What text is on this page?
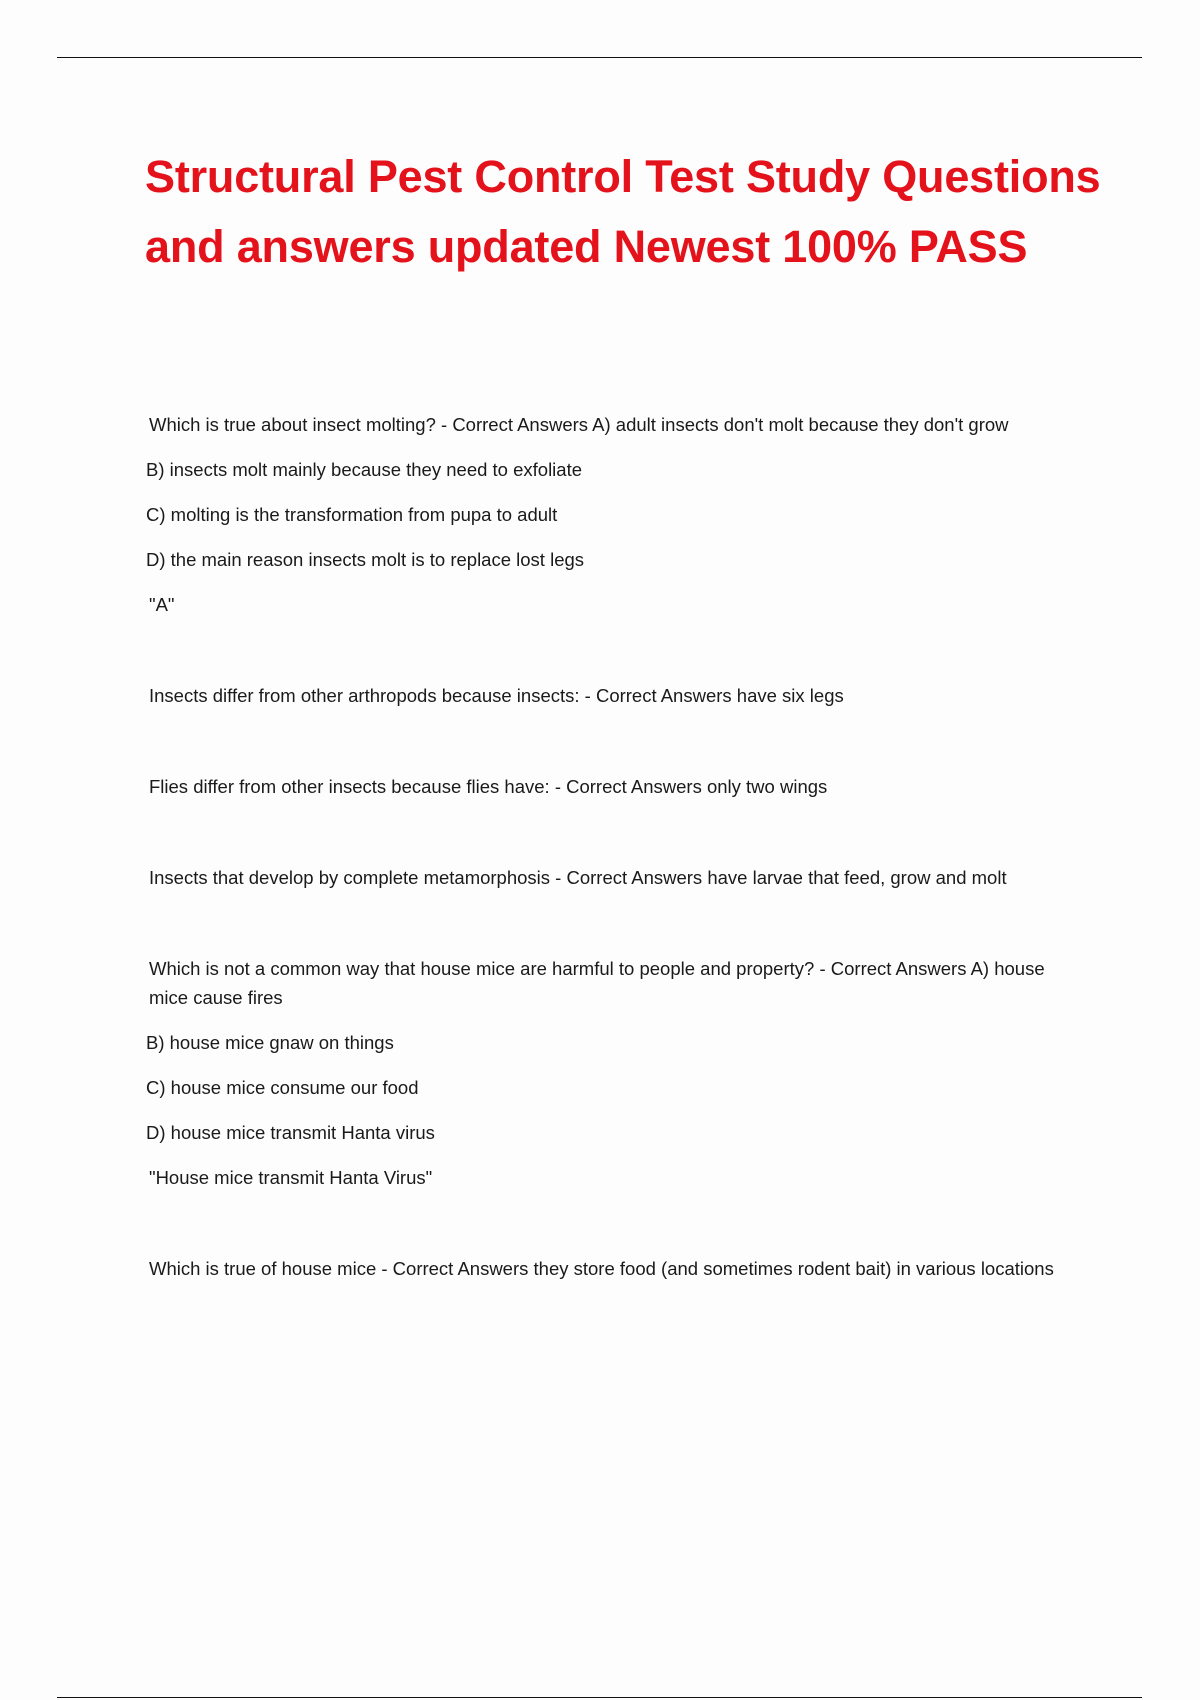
Structural Pest Control Test Study Questions and answers updated Newest 100% PASS

Which is true about insect molting? - Correct Answers A) adult insects don't molt because they don't grow

B) insects molt mainly because they need to exfoliate

C) molting is the transformation from pupa to adult

D) the main reason insects molt is to replace lost legs

"A"

Insects differ from other arthropods because insects: - Correct Answers have six legs

Flies differ from other insects because flies have: - Correct Answers only two wings

Insects that develop by complete metamorphosis - Correct Answers have larvae that feed, grow and molt

Which is not a common way that house mice are harmful to people and property? - Correct Answers A) house mice cause fires

B) house mice gnaw on things

C) house mice consume our food

D) house mice transmit Hanta virus

"House mice transmit Hanta Virus"

Which is true of house mice - Correct Answers they store food (and sometimes rodent bait) in various locations
